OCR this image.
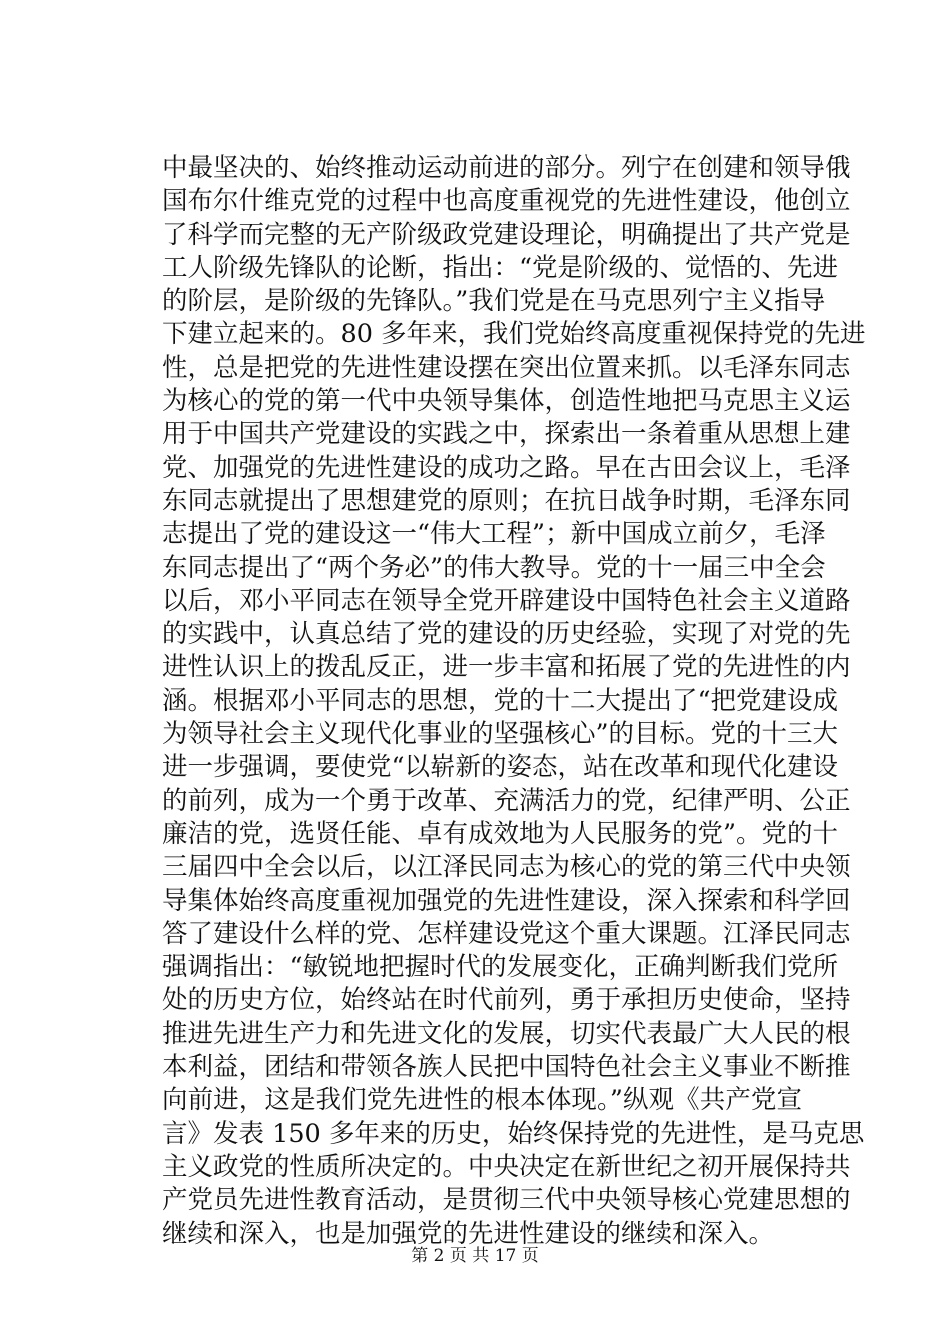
中最坚决的、始终推动运动前进的部分。列宁在创建和领导俄
国布尔什维克党的过程中也高度重视党的先进性建设，他创立
了科学而完整的无产阶级政党建设理论，明确提出了共产党是
工人阶级先锋队的论断，指出：“党是阶级的、觉悟的、先进
的阶层，是阶级的先锋队。”我们党是在马克思列宁主义指导
下建立起来的。80 多年来，我们党始终高度重视保持党的先进
性，总是把党的先进性建设摆在突出位置来抓。以毛泽东同志
为核心的党的第一代中央领导集体，创造性地把马克思主义运
用于中国共产党建设的实践之中，探索出一条着重从思想上建
党、加强党的先进性建设的成功之路。早在古田会议上，毛泽
东同志就提出了思想建党的原则；在抗日战争时期，毛泽东同
志提出了党的建设这一“伟大工程”；新中国成立前夕，毛泽
东同志提出了“两个务必”的伟大教导。党的十一届三中全会
以后，邓小平同志在领导全党开辟建设中国特色社会主义道路
的实践中，认真总结了党的建设的历史经验，实现了对党的先
进性认识上的拨乱反正，进一步丰富和拓展了党的先进性的内
涵。根据邓小平同志的思想，党的十二大提出了“把党建设成
为领导社会主义现代化事业的坚强核心”的目标。党的十三大
进一步强调，要使党“以崭新的姿态，站在改革和现代化建设
的前列，成为一个勇于改革、充满活力的党，纪律严明、公正
廉洁的党，选贤任能、卓有成效地为人民服务的党”。党的十
三届四中全会以后，以江泽民同志为核心的党的第三代中央领
导集体始终高度重视加强党的先进性建设，深入探索和科学回
答了建设什么样的党、怎样建设党这个重大课题。江泽民同志
强调指出：“敏锐地把握时代的发展变化，正确判断我们党所
处的历史方位，始终站在时代前列，勇于承担历史使命，坚持
推进先进生产力和先进文化的发展，切实代表最广大人民的根
本利益，团结和带领各族人民把中国特色社会主义事业不断推
向前进，这是我们党先进性的根本体现。”纵观《共产党宣
言》发表 150 多年来的历史，始终保持党的先进性，是马克思
主义政党的性质所决定的。中央决定在新世纪之初开展保持共
产党员先进性教育活动，是贯彻三代中央领导核心党建思想的
继续和深入，也是加强党的先进性建设的继续和深入。
第 2 页 共 17 页
